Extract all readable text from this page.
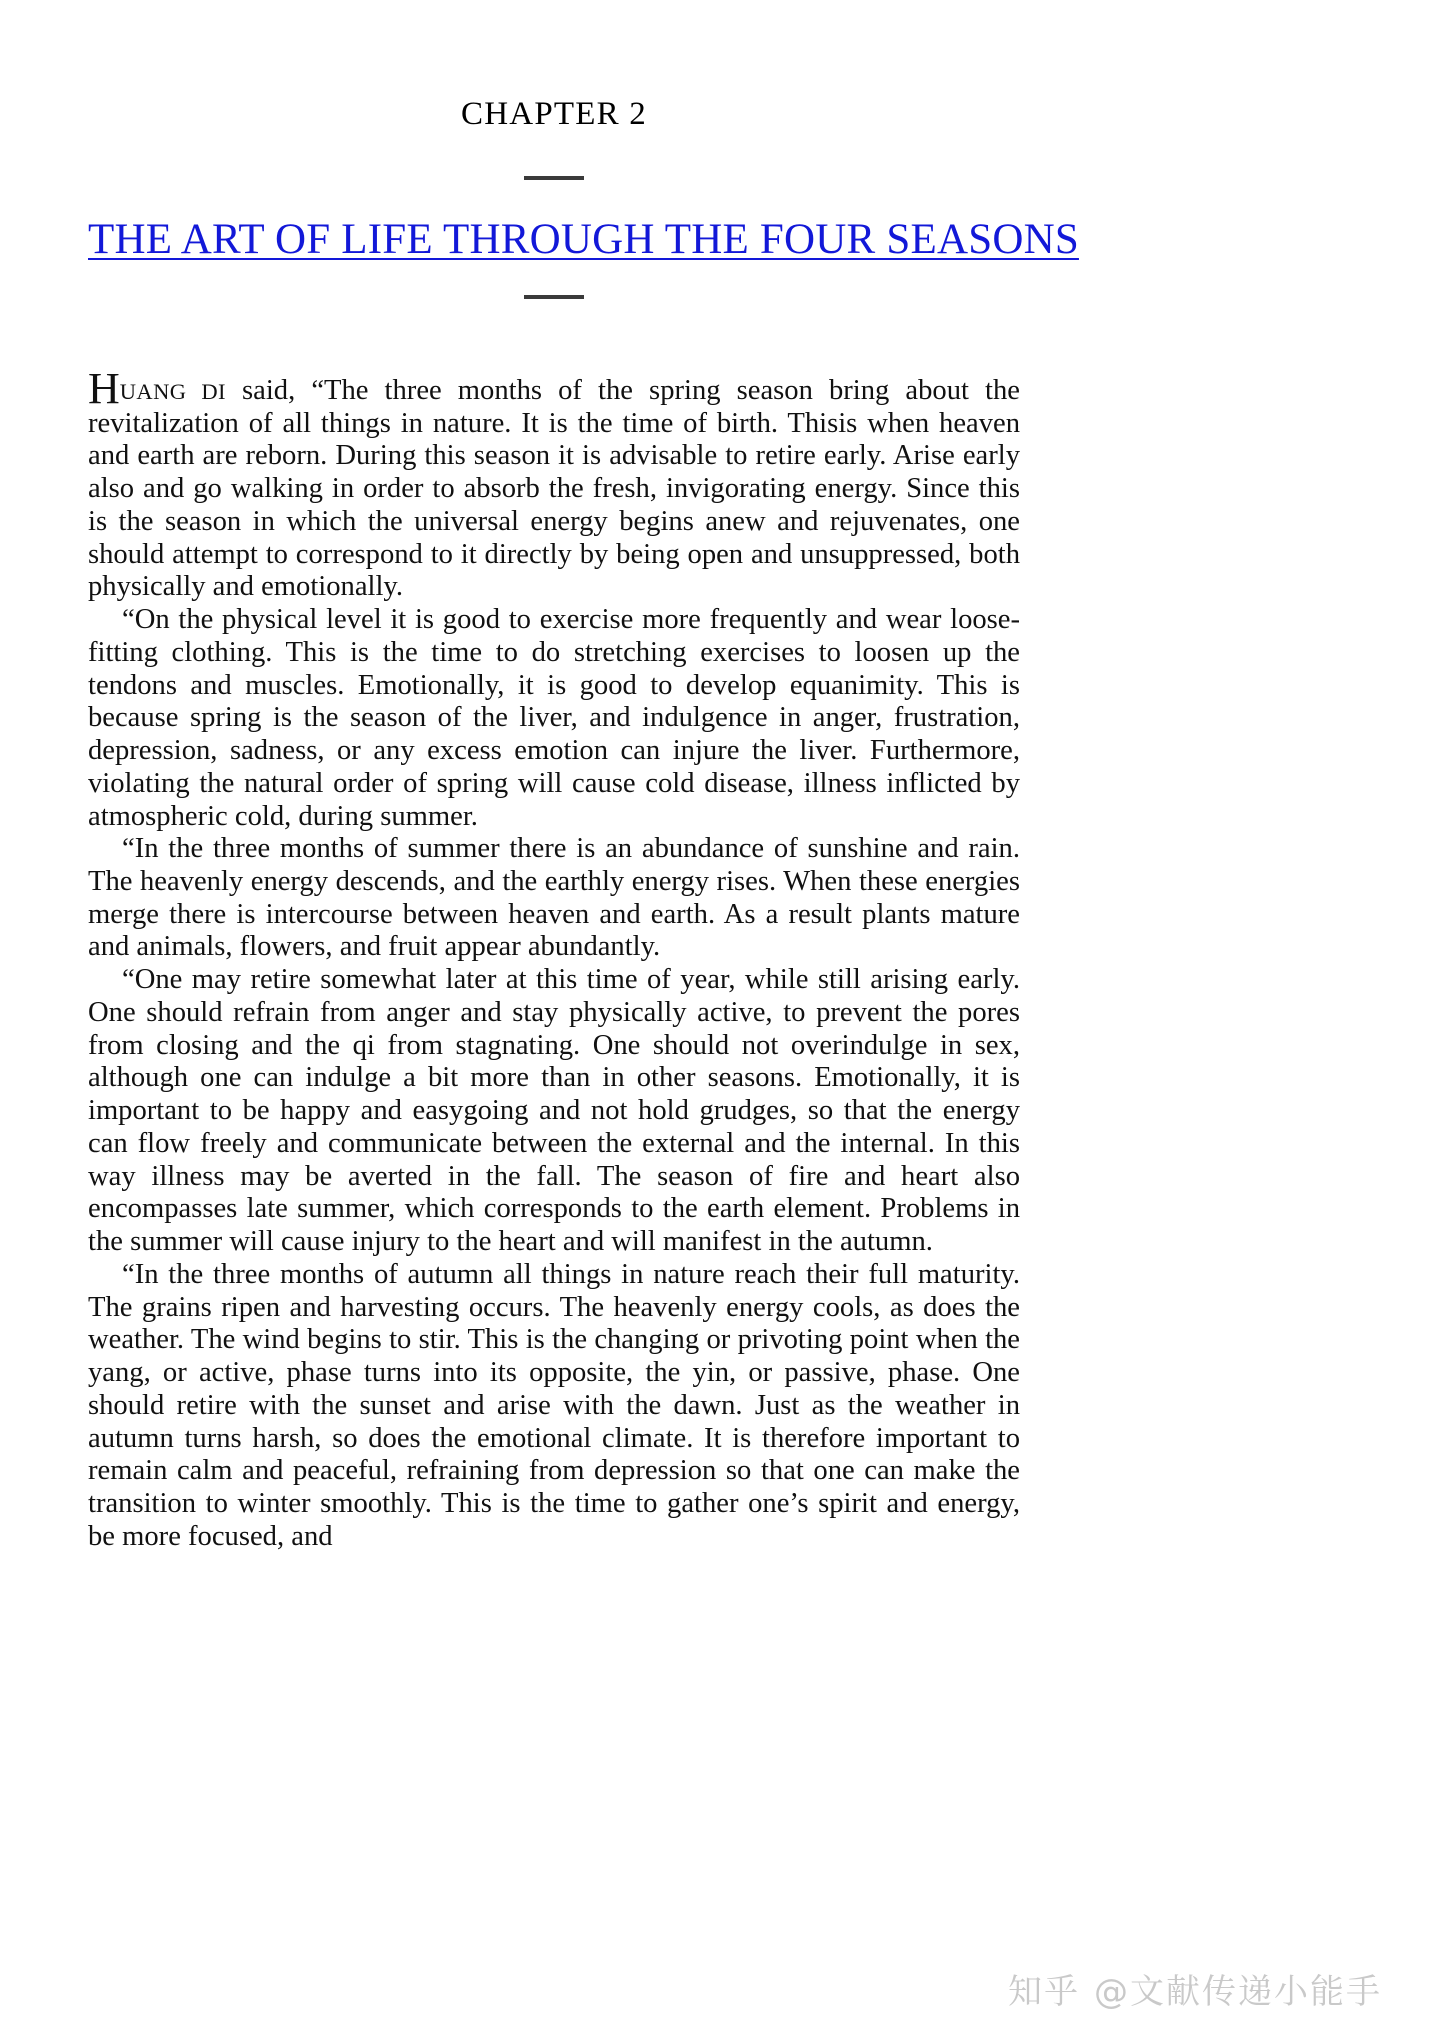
CHAPTER 2
THE ART OF LIFE THROUGH THE FOUR SEASONS

HUANG DI said, “The three months of the spring season bring about the revitalization of all things in nature. It is the time of birth. Thisis when heaven and earth are reborn. During this season it is advisable to retire early. Arise early also and go walking in order to absorb the fresh, invigorating energy. Since this is the season in which the universal energy begins anew and rejuvenates, one should attempt to correspond to it directly by being open and unsuppressed, both physically and emotionally.

“On the physical level it is good to exercise more frequently and wear loose-fitting clothing. This is the time to do stretching exercises to loosen up the tendons and muscles. Emotionally, it is good to develop equanimity. This is because spring is the season of the liver, and indulgence in anger, frustration, depression, sadness, or any excess emotion can injure the liver. Furthermore, violating the natural order of spring will cause cold disease, illness inflicted by atmospheric cold, during summer.

“In the three months of summer there is an abundance of sunshine and rain. The heavenly energy descends, and the earthly energy rises. When these energies merge there is intercourse between heaven and earth. As a result plants mature and animals, flowers, and fruit appear abundantly.

“One may retire somewhat later at this time of year, while still arising early. One should refrain from anger and stay physically active, to prevent the pores from closing and the qi from stagnating. One should not overindulge in sex, although one can indulge a bit more than in other seasons. Emotionally, it is important to be happy and easygoing and not hold grudges, so that the energy can flow freely and communicate between the external and the internal. In this way illness may be averted in the fall. The season of fire and heart also encompasses late summer, which corresponds to the earth element. Problems in the summer will cause injury to the heart and will manifest in the autumn.

“In the three months of autumn all things in nature reach their full maturity. The grains ripen and harvesting occurs. The heavenly energy cools, as does the weather. The wind begins to stir. This is the changing or privoting point when the yang, or active, phase turns into its opposite, the yin, or passive, phase. One should retire with the sunset and arise with the dawn. Just as the weather in autumn turns harsh, so does the emotional climate. It is therefore important to remain calm and peaceful, refraining from depression so that one can make the transition to winter smoothly. This is the time to gather one’s spirit and energy, be more focused, and

知乎 @文献传递小能手
